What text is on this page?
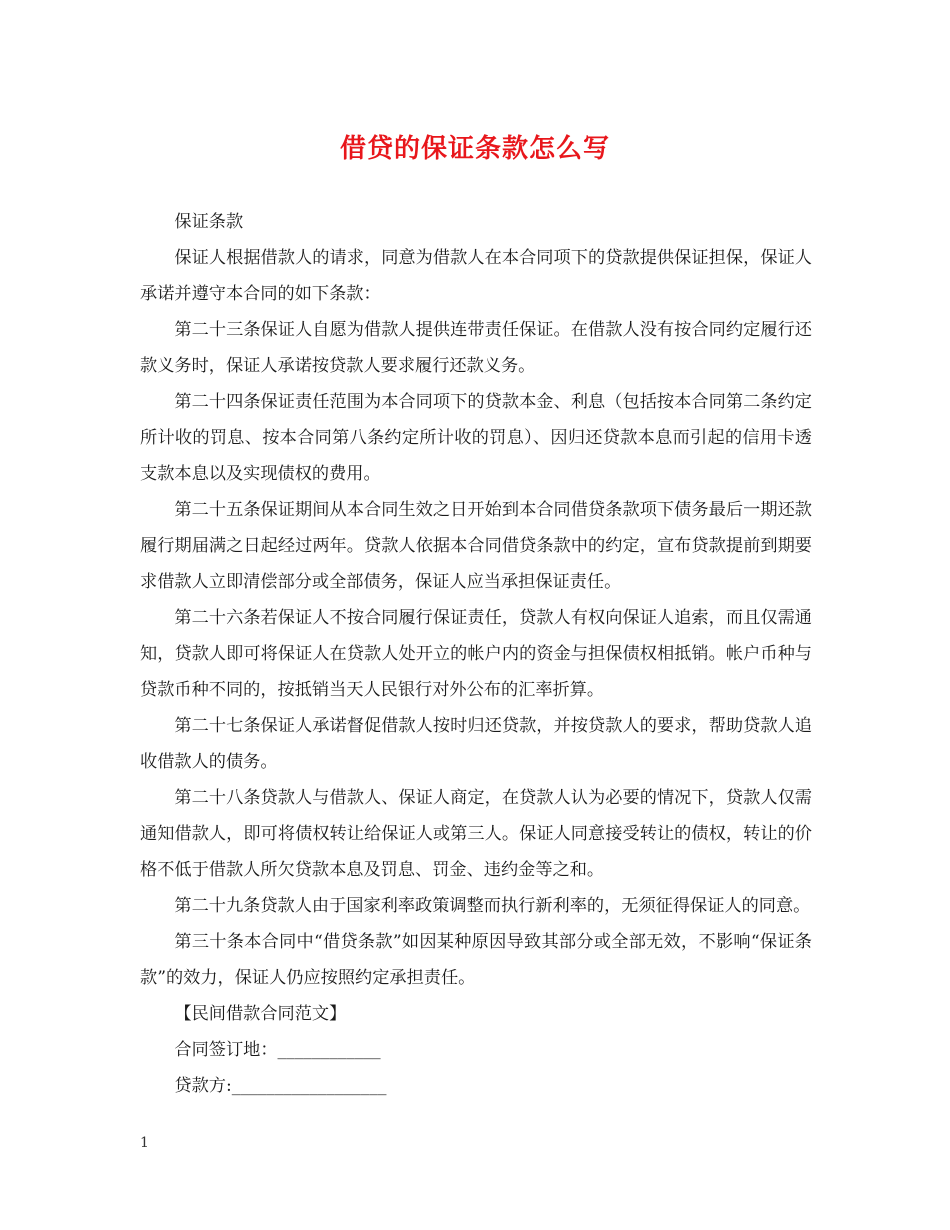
借贷的保证条款怎么写

保证条款

保证人根据借款人的请求，同意为借款人在本合同项下的贷款提供保证担保，保证人承诺并遵守本合同的如下条款：

第二十三条保证人自愿为借款人提供连带责任保证。在借款人没有按合同约定履行还款义务时，保证人承诺按贷款人要求履行还款义务。

第二十四条保证责任范围为本合同项下的贷款本金、利息（包括按本合同第二条约定所计收的罚息、按本合同第八条约定所计收的罚息）、因归还贷款本息而引起的信用卡透支款本息以及实现债权的费用。

第二十五条保证期间从本合同生效之日开始到本合同借贷条款项下债务最后一期还款履行期届满之日起经过两年。贷款人依据本合同借贷条款中的约定，宣布贷款提前到期要求借款人立即清偿部分或全部债务，保证人应当承担保证责任。

第二十六条若保证人不按合同履行保证责任，贷款人有权向保证人追索，而且仅需通知，贷款人即可将保证人在贷款人处开立的帐户内的资金与担保债权相抵销。帐户币种与贷款币种不同的，按抵销当天人民银行对外公布的汇率折算。

第二十七条保证人承诺督促借款人按时归还贷款，并按贷款人的要求，帮助贷款人追收借款人的债务。

第二十八条贷款人与借款人、保证人商定，在贷款人认为必要的情况下，贷款人仅需通知借款人，即可将债权转让给保证人或第三人。保证人同意接受转让的债权，转让的价格不低于借款人所欠贷款本息及罚息、罚金、违约金等之和。

第二十九条贷款人由于国家利率政策调整而执行新利率的，无须征得保证人的同意。

第三十条本合同中“借贷条款”如因某种原因导致其部分或全部无效，不影响“保证条款”的效力，保证人仍应按照约定承担责任。

【民间借款合同范文】

合同签订地：____________

贷款方:__________________

1
